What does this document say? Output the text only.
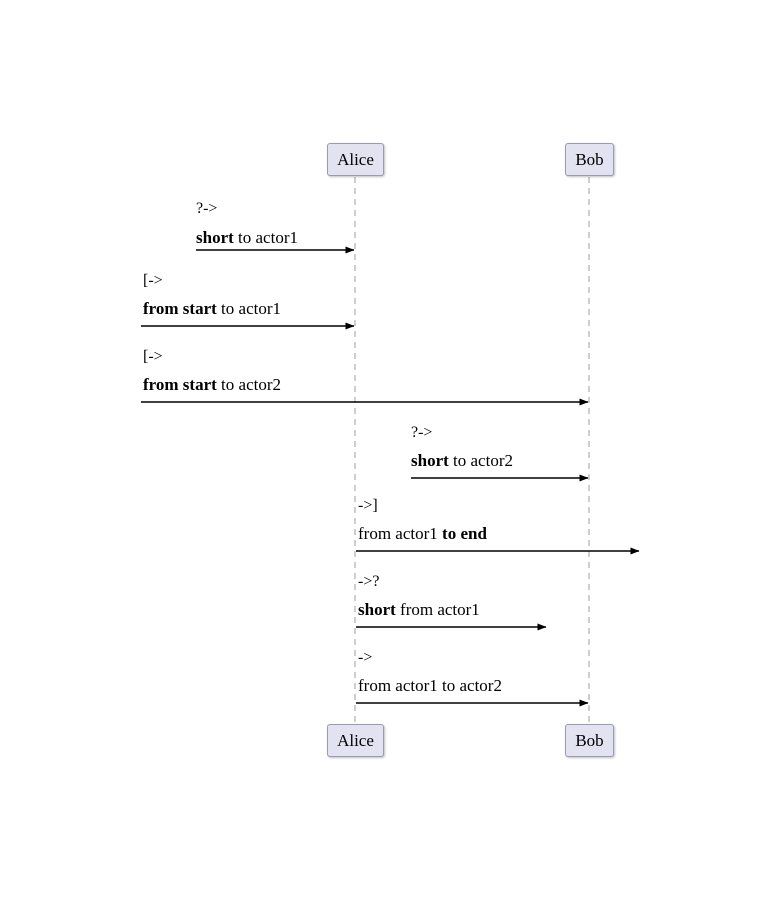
Alice	Bob
Alice	Bob
?->
short to actor1
[->
from start to actor1
[->
from start to actor2
?->
short to actor2
->]
from actor1 to end
->?
short from actor1
->
from actor1 to actor2
